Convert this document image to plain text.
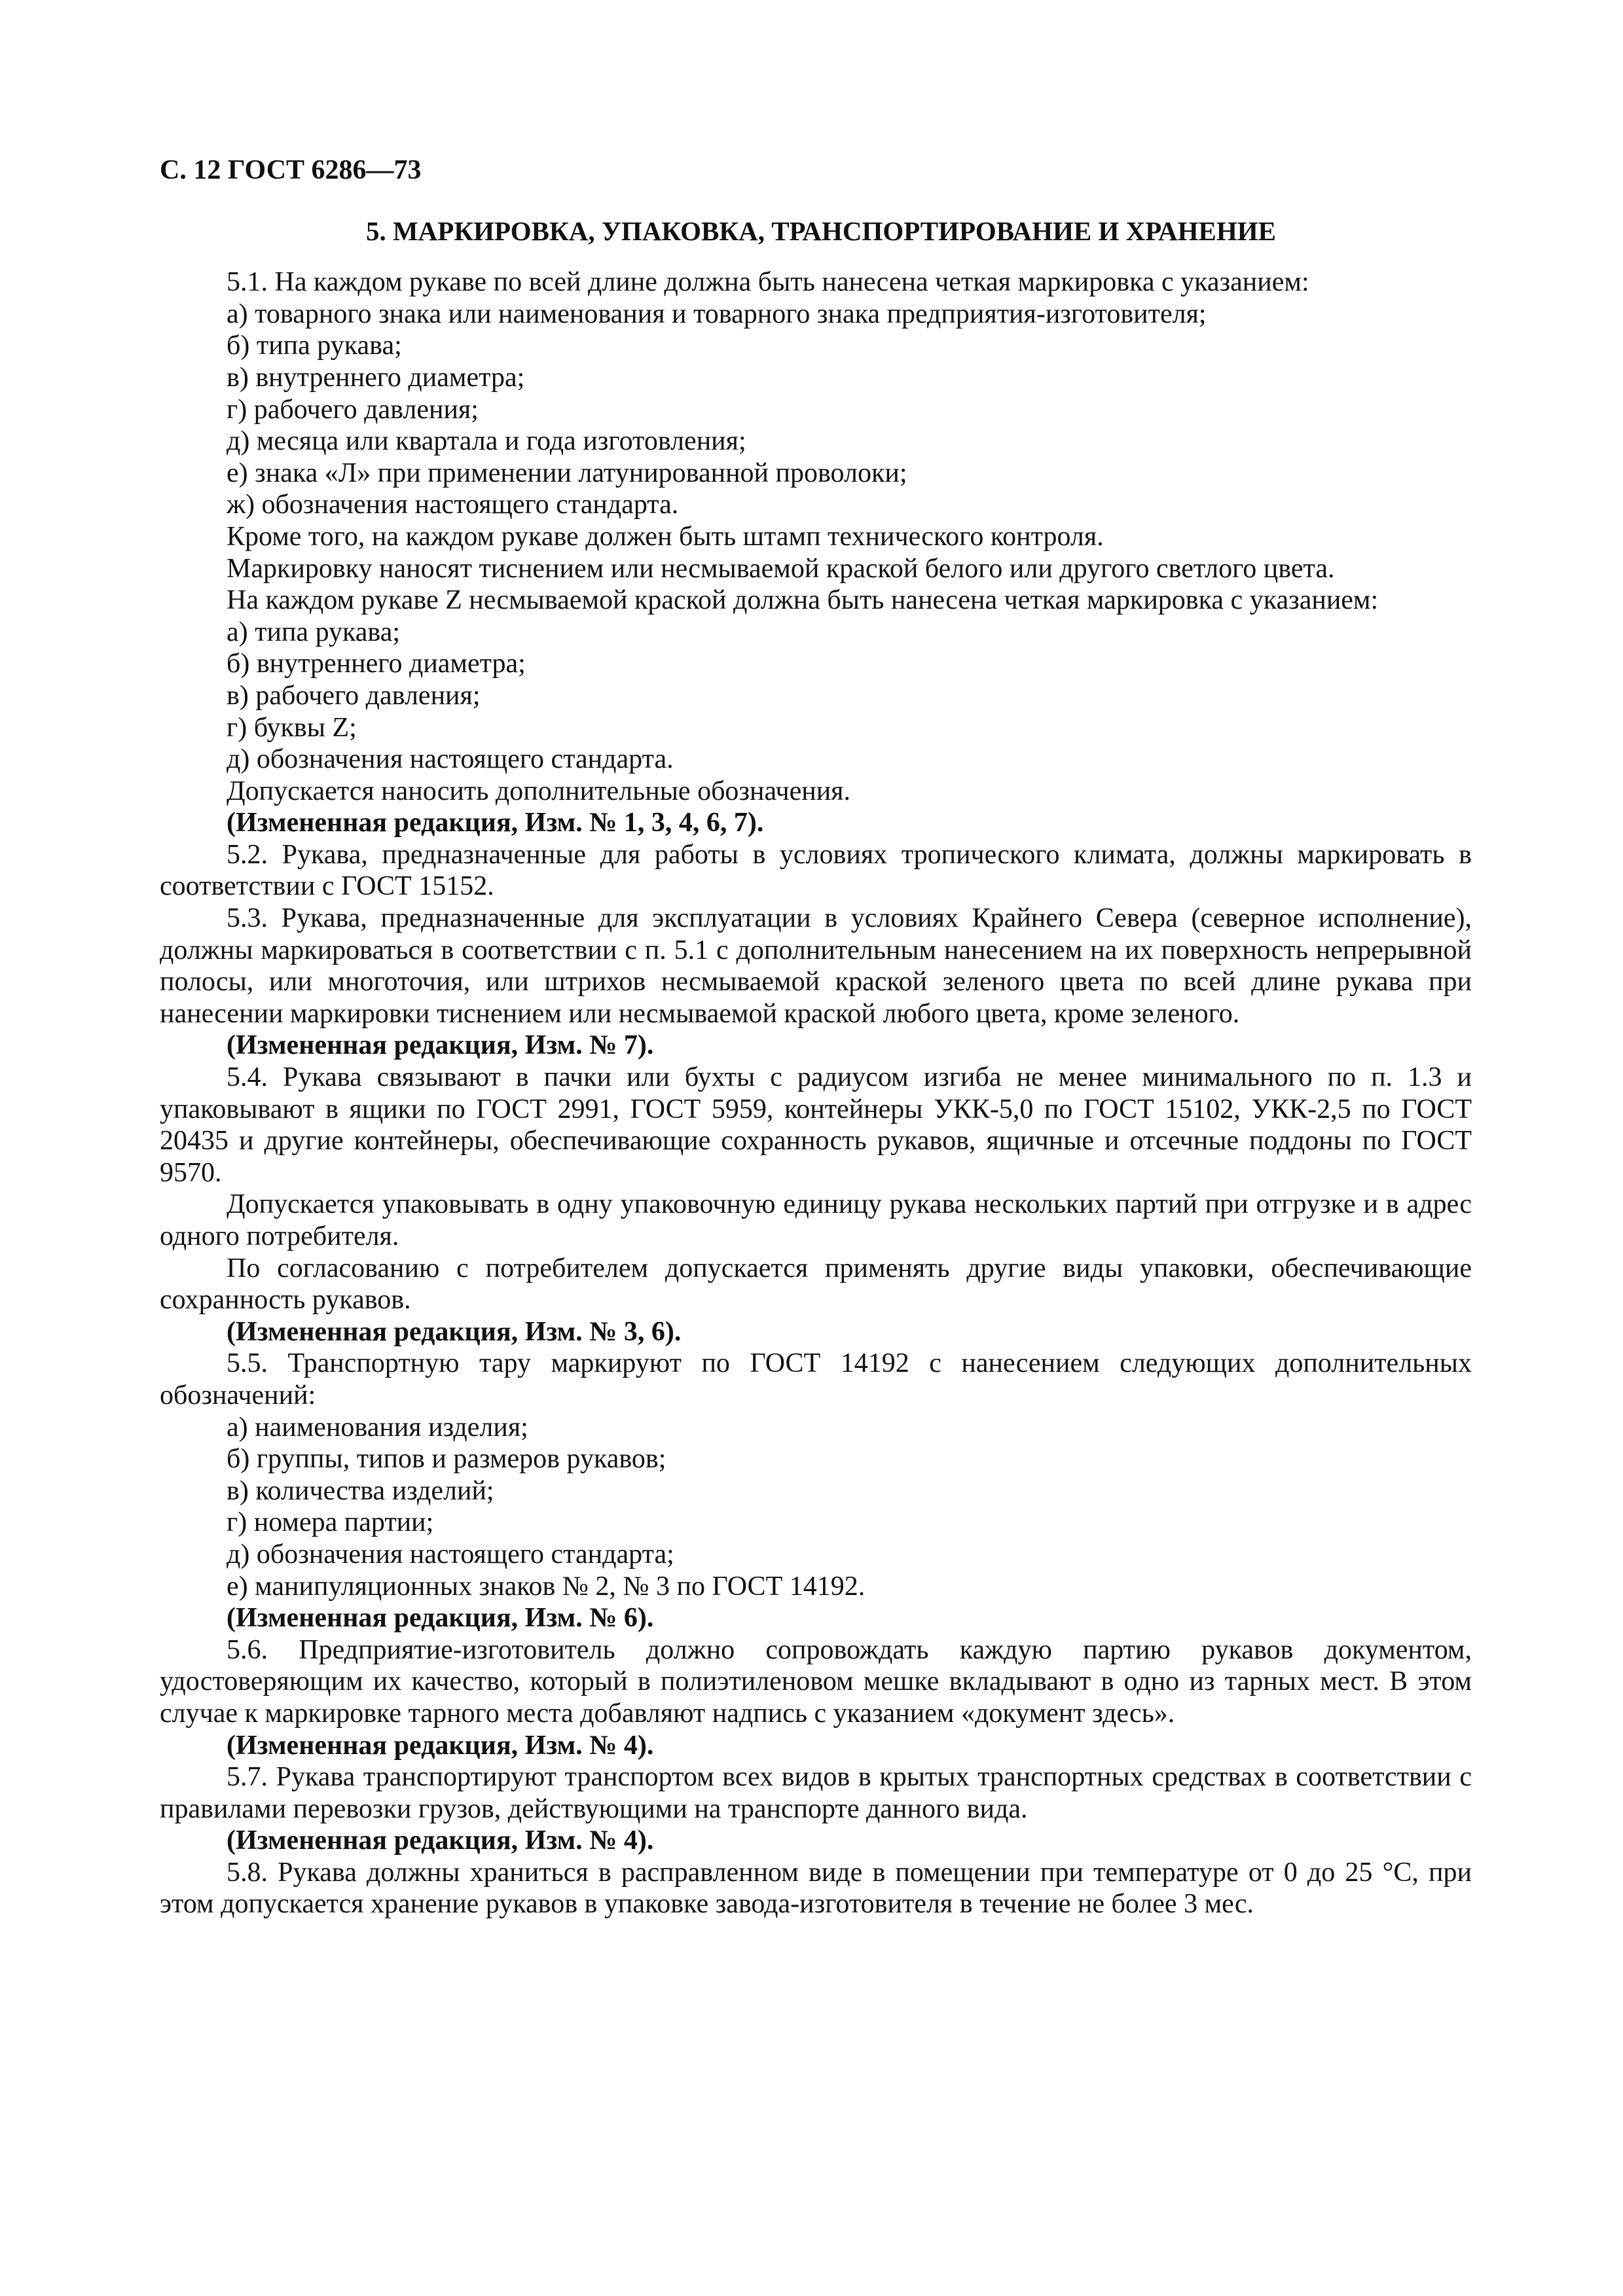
С. 12 ГОСТ 6286—73
5. МАРКИРОВКА, УПАКОВКА, ТРАНСПОРТИРОВАНИЕ И ХРАНЕНИЕ

5.1. На каждом рукаве по всей длине должна быть нанесена четкая маркировка с указанием:

а) товарного знака или наименования и товарного знака предприятия-изготовителя;

б) типа рукава;

в) внутреннего диаметра;

г) рабочего давления;

д) месяца или квартала и года изготовления;

е) знака «Л» при применении латунированной проволоки;

ж) обозначения настоящего стандарта.

Кроме того, на каждом рукаве должен быть штамп технического контроля.

Маркировку наносят тиснением или несмываемой краской белого или другого светлого цвета.

На каждом рукаве Z несмываемой краской должна быть нанесена четкая маркировка с указанием:

а) типа рукава;

б) внутреннего диаметра;

в) рабочего давления;

г) буквы Z;

д) обозначения настоящего стандарта.

Допускается наносить дополнительные обозначения.

(Измененная редакция, Изм. № 1, 3, 4, 6, 7).

5.2. Рукава, предназначенные для работы в условиях тропического климата, должны маркировать в соответствии с ГОСТ 15152.

5.3. Рукава, предназначенные для эксплуатации в условиях Крайнего Севера (северное исполнение), должны маркироваться в соответствии с п. 5.1 с дополнительным нанесением на их поверхность непрерывной полосы, или многоточия, или штрихов несмываемой краской зеленого цвета по всей длине рукава при нанесении маркировки тиснением или несмываемой краской любого цвета, кроме зеленого.

(Измененная редакция, Изм. № 7).

5.4. Рукава связывают в пачки или бухты с радиусом изгиба не менее минимального по п. 1.3 и упаковывают в ящики по ГОСТ 2991, ГОСТ 5959, контейнеры УКК-5,0 по ГОСТ 15102, УКК-2,5 по ГОСТ 20435 и другие контейнеры, обеспечивающие сохранность рукавов, ящичные и отсечные поддоны по ГОСТ 9570.

Допускается упаковывать в одну упаковочную единицу рукава нескольких партий при отгрузке и в адрес одного потребителя.

По согласованию с потребителем допускается применять другие виды упаковки, обеспечивающие сохранность рукавов.

(Измененная редакция, Изм. № 3, 6).

5.5. Транспортную тару маркируют по ГОСТ 14192 с нанесением следующих дополнительных обозначений:

а) наименования изделия;

б) группы, типов и размеров рукавов;

в) количества изделий;

г) номера партии;

д) обозначения настоящего стандарта;

е) манипуляционных знаков № 2, № 3 по ГОСТ 14192.

(Измененная редакция, Изм. № 6).

5.6. Предприятие-изготовитель должно сопровождать каждую партию рукавов документом, удостоверяющим их качество, который в полиэтиленовом мешке вкладывают в одно из тарных мест. В этом случае к маркировке тарного места добавляют надпись с указанием «документ здесь».

(Измененная редакция, Изм. № 4).

5.7. Рукава транспортируют транспортом всех видов в крытых транспортных средствах в соответствии с правилами перевозки грузов, действующими на транспорте данного вида.

(Измененная редакция, Изм. № 4).

5.8. Рукава должны храниться в расправленном виде в помещении при температуре от 0 до 25 °С, при этом допускается хранение рукавов в упаковке завода-изготовителя в течение не более 3 мес.
